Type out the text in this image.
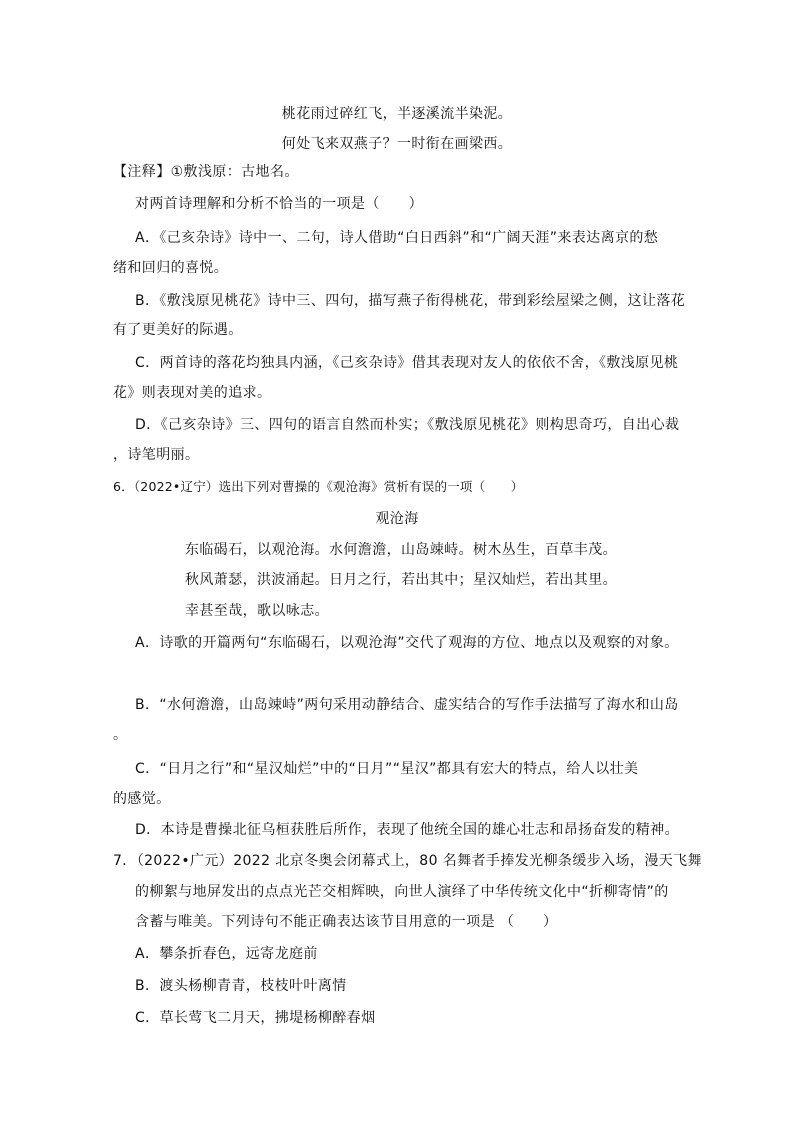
桃花雨过碎红飞，半逐溪流半染泥。

何处飞来双燕子？一时衔在画梁西。

【注释】①敷浅原：古地名。

对两首诗理解和分析不恰当的一项是（　　）

A．《己亥杂诗》诗中一、二句，诗人借助“白日西斜”和“广阔天涯”来表达离京的愁

绪和回归的喜悦。

B．《敷浅原见桃花》诗中三、四句，描写燕子衔得桃花，带到彩绘屋梁之侧，这让落花

有了更美好的际遇。

C．两首诗的落花均独具内涵，《己亥杂诗》借其表现对友人的依依不舍，《敷浅原见桃

花》则表现对美的追求。

D．《己亥杂诗》三、四句的语言自然而朴实；《敷浅原见桃花》则构思奇巧，自出心裁

，诗笔明丽。

6．（2022•辽宁）选出下列对曹操的《观沧海》赏析有误的一项（　　）

观沧海

东临碣石，以观沧海。水何澹澹，山岛竦峙。树木丛生，百草丰茂。

秋风萧瑟，洪波涌起。日月之行，若出其中；星汉灿烂，若出其里。

幸甚至哉，歌以咏志。

A．诗歌的开篇两句“东临碣石，以观沧海”交代了观海的方位、地点以及观察的对象。

B．“水何澹澹，山岛竦峙”两句采用动静结合、虚实结合的写作手法描写了海水和山岛

。

C．“日月之行”和“星汉灿烂”中的“日月”“星汉”都具有宏大的特点，给人以壮美

的感觉。

D．本诗是曹操北征乌桓获胜后所作，表现了他统全国的雄心壮志和昂扬奋发的精神。

7．（2022•广元）2022 北京冬奥会闭幕式上，80 名舞者手捧发光柳条缓步入场，漫天飞舞

的柳絮与地屏发出的点点光芒交相辉映，向世人演绎了中华传统文化中“折柳寄情”的

含蓄与唯美。下列诗句不能正确表达该节目用意的一项是 （　　）

A．攀条折春色，远寄龙庭前

B．渡头杨柳青青，枝枝叶叶离情

C．草长莺飞二月天，拂堤杨柳醉春烟
